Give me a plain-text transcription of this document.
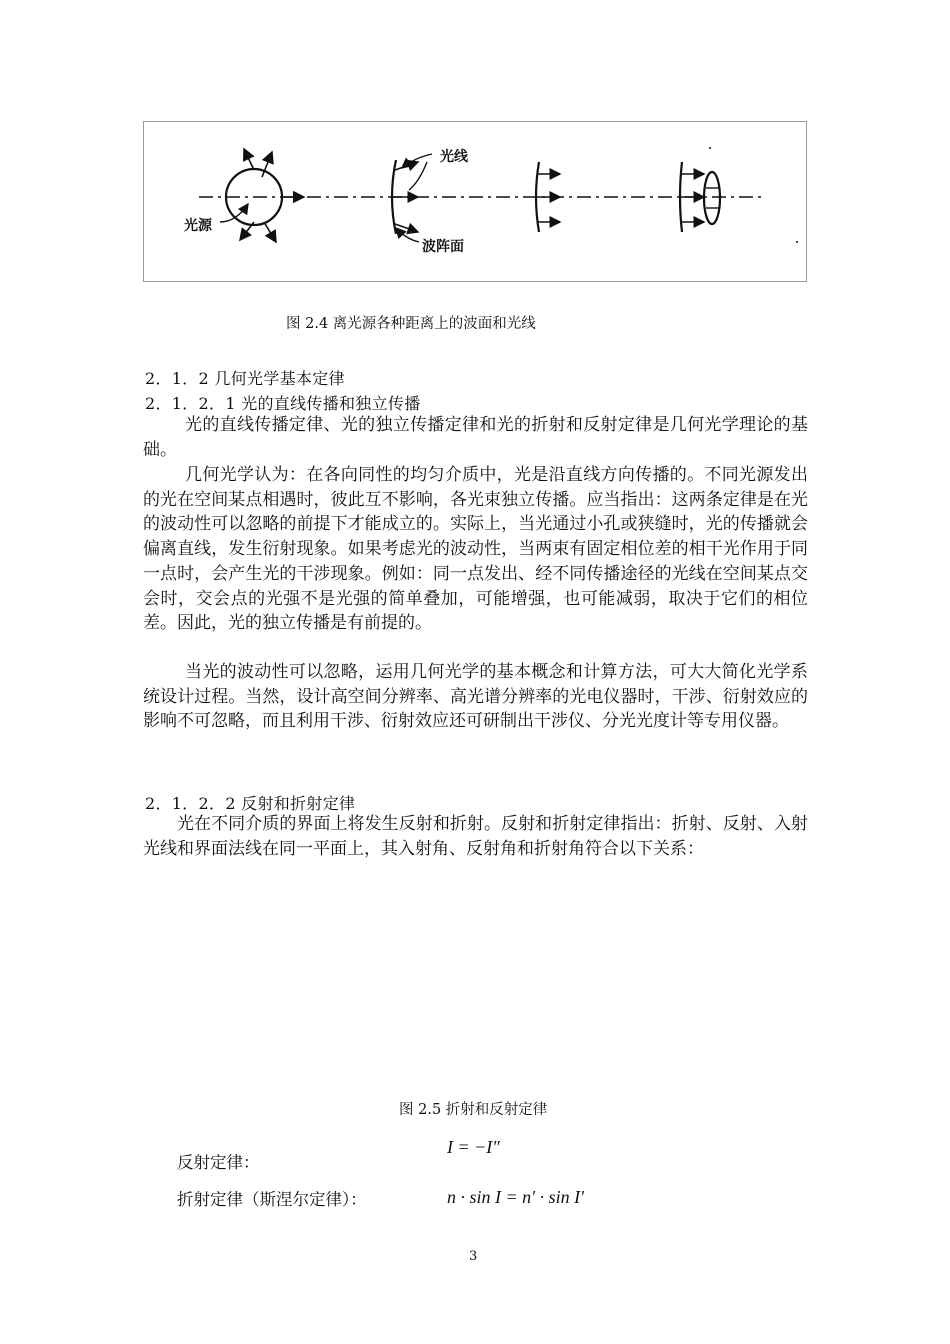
光线
光源
波阵面
图 2.4 离光源各种距离上的波面和光线
2．1．2 几何光学基本定律
2．1．2．1 光的直线传播和独立传播
光的直线传播定律、光的独立传播定律和光的折射和反射定律是几何光学理论的基础。
几何光学认为：在各向同性的均匀介质中，光是沿直线方向传播的。不同光源发出的光在空间某点相遇时，彼此互不影响，各光束独立传播。应当指出：这两条定律是在光的波动性可以忽略的前提下才能成立的。实际上，当光通过小孔或狭缝时，光的传播就会偏离直线，发生衍射现象。如果考虑光的波动性，当两束有固定相位差的相干光作用于同一点时，会产生光的干涉现象。例如：同一点发出、经不同传播途径的光线在空间某点交会时，交会点的光强不是光强的简单叠加，可能增强，也可能减弱，取决于它们的相位差。因此，光的独立传播是有前提的。
当光的波动性可以忽略，运用几何光学的基本概念和计算方法，可大大简化光学系统设计过程。当然，设计高空间分辨率、高光谱分辨率的光电仪器时，干涉、衍射效应的影响不可忽略，而且利用干涉、衍射效应还可研制出干涉仪、分光光度计等专用仪器。
2．1．2．2 反射和折射定律
光在不同介质的界面上将发生反射和折射。反射和折射定律指出：折射、反射、入射光线和界面法线在同一平面上，其入射角、反射角和折射角符合以下关系：
图 2.5 折射和反射定律
反射定律：
I = −I″
折射定律（斯涅尔定律）：	n · sin I = n′ · sin I′
3
